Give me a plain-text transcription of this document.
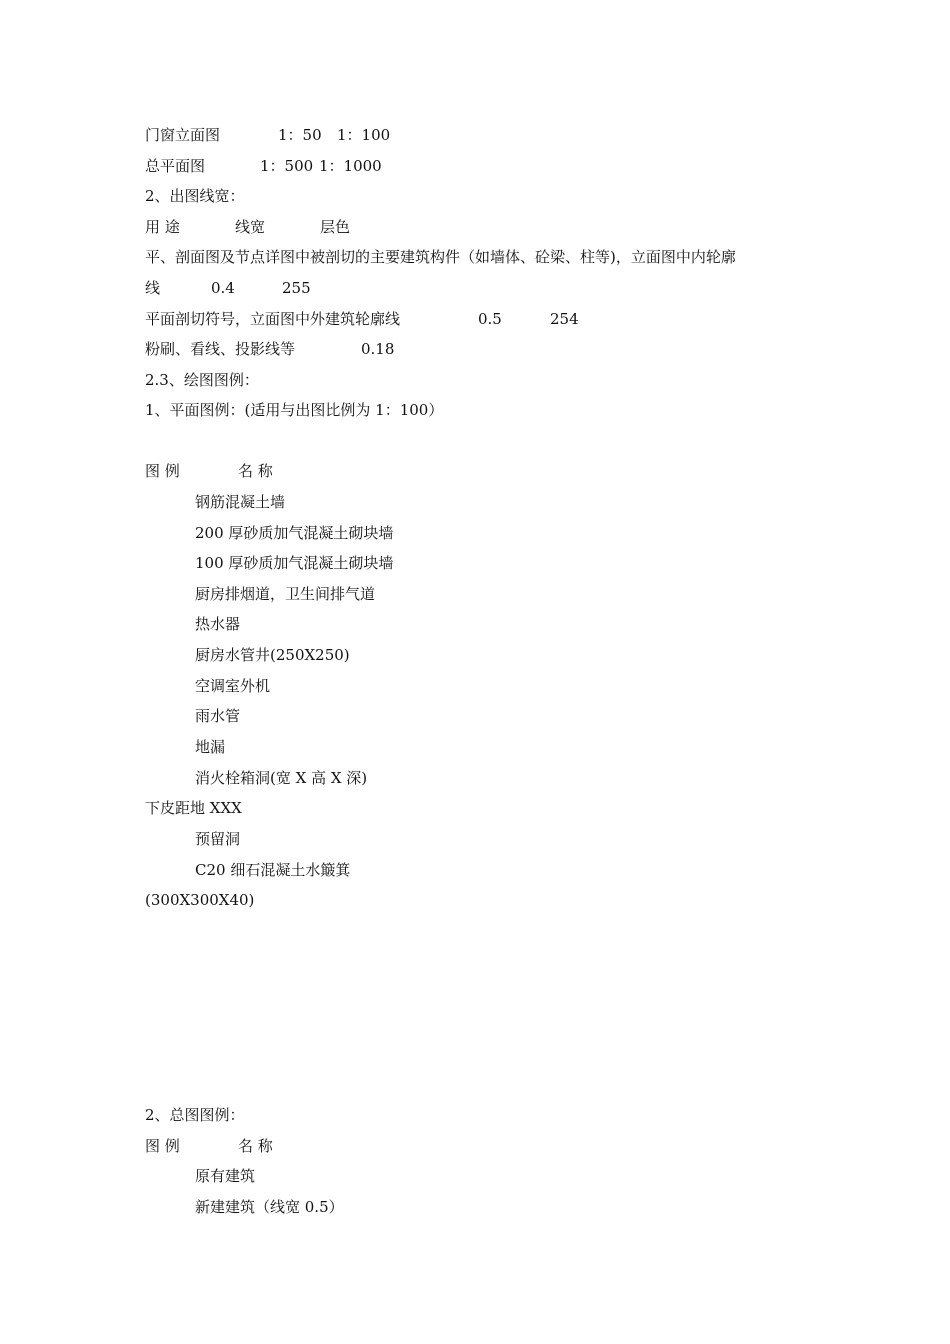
门窗立面图	1：50 1：100
总平面图	1：500 1：1000
2、出图线宽：
用 途	线宽	层色
平、剖面图及节点详图中被剖切的主要建筑构件（如墙体、砼梁、柱等)，立面图中内轮廓
线	0.4	255
平面剖切符号，立面图中外建筑轮廓线	0.5	254
粉刷、看线、投影线等	0.18
2.3、绘图图例：
1、平面图例：(适用与出图比例为 1：100）
图 例	名 称
钢筋混凝土墙
200 厚砂质加气混凝土砌块墙
100 厚砂质加气混凝土砌块墙
厨房排烟道，卫生间排气道
热水器
厨房水管井(250X250)
空调室外机
雨水管
地漏
消火栓箱洞(宽 X 高 X 深)
下皮距地 XXX
预留洞
C20 细石混凝土水簸箕
(300X300X40)
2、总图图例：
图 例	名 称
原有建筑
新建建筑（线宽 0.5）
